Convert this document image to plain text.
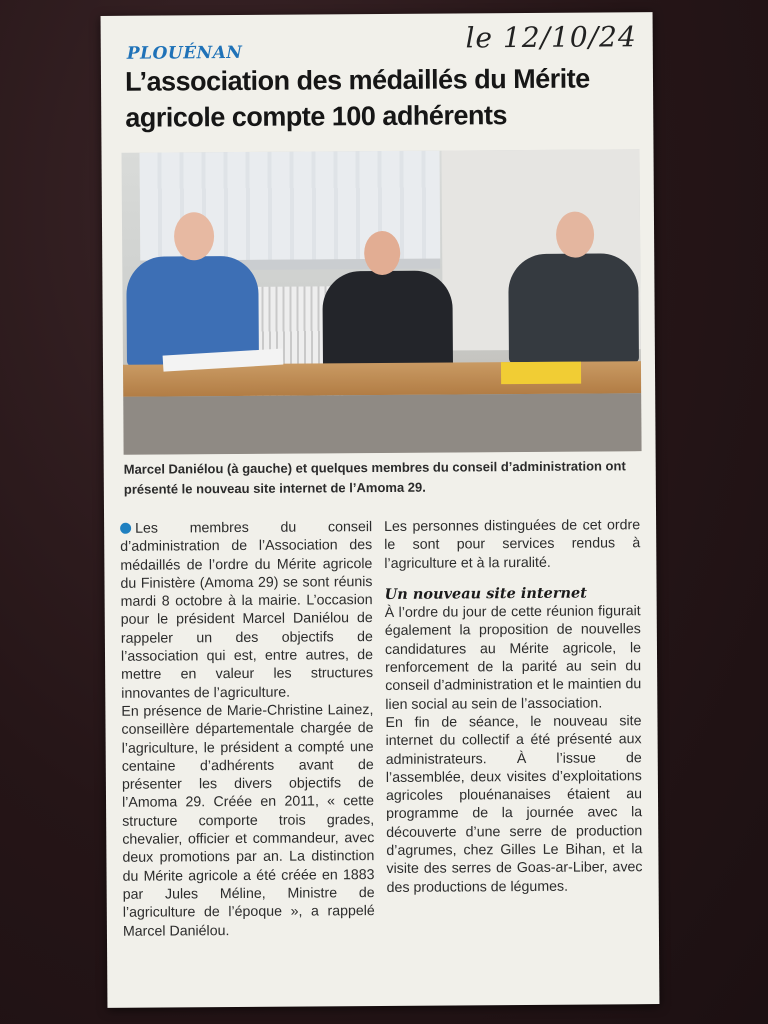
le 12/10/24
PLOUÉNAN
L’association des médaillés du Mérite agricole compte 100 adhérents

Marcel Daniélou (à gauche) et quelques membres du conseil d’administration ont présenté le nouveau site internet de l’Amoma 29.

Les membres du conseil d’administration de l’Association des médaillés de l’ordre du Mérite agricole du Finistère (Amoma 29) se sont réunis mardi 8 octobre à la mairie. L’occasion pour le président Marcel Daniélou de rappeler un des objectifs de l’association qui est, entre autres, de mettre en valeur les structures innovantes de l’agriculture.

En présence de Marie-Christine Lainez, conseillère départementale chargée de l’agriculture, le président a compté une centaine d’adhérents avant de présenter les divers objectifs de l’Amoma 29. Créée en 2011, « cette structure comporte trois grades, chevalier, officier et commandeur, avec deux promotions par an. La distinction du Mérite agricole a été créée en 1883 par Jules Méline, Ministre de l’agriculture de l’époque », a rappelé Marcel Daniélou.

Les personnes distinguées de cet ordre le sont pour services rendus à l’agriculture et à la ruralité.

Un nouveau site internet

À l’ordre du jour de cette réunion figurait également la proposition de nouvelles candidatures au Mérite agricole, le renforcement de la parité au sein du conseil d’administration et le maintien du lien social au sein de l’association.

En fin de séance, le nouveau site internet du collectif a été présenté aux administrateurs. À l’issue de l’assemblée, deux visites d’exploitations agricoles plouénanaises étaient au programme de la journée avec la découverte d’une serre de production d’agrumes, chez Gilles Le Bihan, et la visite des serres de Goas-ar-Liber, avec des productions de légumes.
